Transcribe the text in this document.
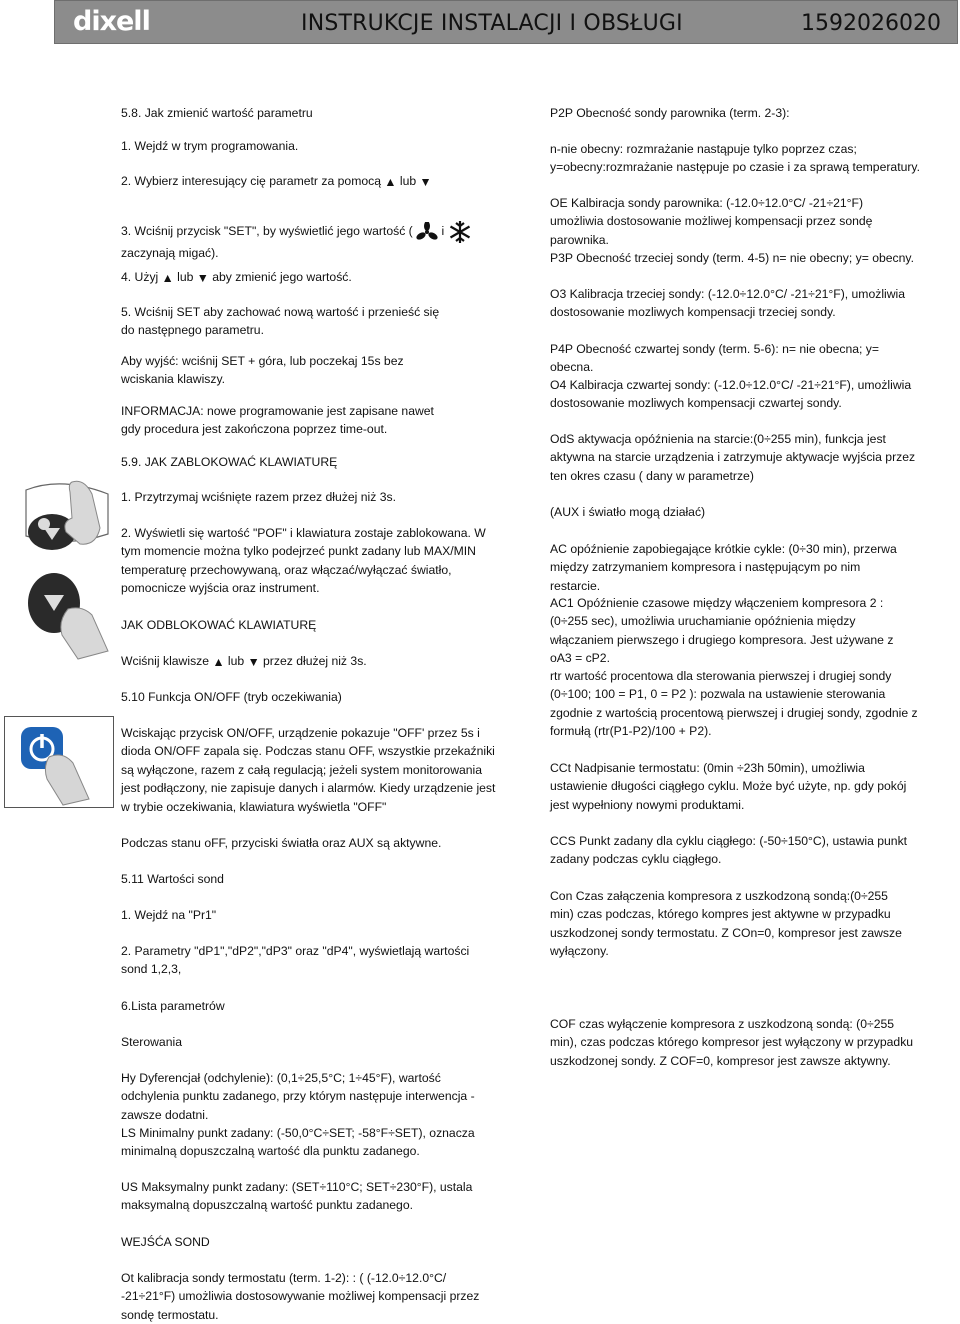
dixell	INSTRUKCJE INSTALACJI I OBSŁUGI	1592026020

5.8. Jak zmienić wartość parametru

1. Wejdź w trym programowania.

2. Wybierz interesujący cię parametr za pomocą ▲ lub ▼

3. Wciśnij przycisk "SET", by wyświetlić jego wartość ( i
zaczynają migać).

4. Użyj ▲ lub ▼ aby zmienić jego wartość.

5. Wciśnij SET aby zachować nową wartość i przenieść się do następnego parametru.

Aby wyjść: wciśnij SET + góra, lub poczekaj 15s bez wciskania klawiszy.

INFORMACJA: nowe programowanie jest zapisane nawet gdy procedura jest zakończona poprzez time-out.

5.9. JAK ZABLOKOWAĆ KLAWIATURĘ

1. Przytrzymaj wciśnięte razem przez dłużej niż 3s.

2. Wyświetli się wartość "POF" i klawiatura zostaje zablokowana. W tym momencie można tylko podejrzeć punkt zadany lub MAX/MIN temperaturę przechowywaną, oraz włączać/wyłączać światło, pomocnicze wyjścia oraz instrument.

JAK ODBLOKOWAĆ KLAWIATURĘ

Wciśnij klawisze ▲ lub ▼ przez dłużej niż 3s.

5.10 Funkcja ON/OFF (tryb oczekiwania)

Wciskając przycisk ON/OFF, urządzenie pokazuje "OFF' przez 5s i dioda ON/OFF zapala się. Podczas stanu OFF, wszystkie przekaźniki są wyłączone, razem z całą regulacją; jeżeli system monitorowania jest podłączony, nie zapisuje danych i alarmów. Kiedy urządzenie jest w trybie oczekiwania, klawiatura wyświetla "OFF"

Podczas stanu oFF, przyciski światła oraz AUX są aktywne.

5.11 Wartości sond

1. Wejdź na "Pr1"

2. Parametry "dP1","dP2","dP3" oraz "dP4", wyświetlają wartości sond 1,2,3,

6.Lista parametrów

Sterowania

Hy Dyferencjał (odchylenie): (0,1÷25,5°C; 1÷45°F), wartość odchylenia punktu zadanego, przy którym następuje interwencja - zawsze dodatni.

LS Minimalny punkt zadany: (-50,0°C÷SET; -58°F÷SET), oznacza minimalną dopuszczalną wartość dla punktu zadanego.

US Maksymalny punkt zadany: (SET÷110°C; SET÷230°F), ustala maksymalną dopuszczalną wartość punktu zadanego.

WEJŚĆA SOND

Ot kalibracja sondy termostatu (term. 1-2): : ( (-12.0÷12.0°C/ -21÷21°F) umożliwia dostosowywanie możliwej kompensacji przez sondę termostatu.

P2P Obecność sondy parownika (term. 2-3):

n-nie obecny: rozmrażanie nastąpuje tylko poprzez czas; y=obecny:rozmrażanie następuje po czasie i za sprawą temperatury.

OE Kalbiracja sondy parownika: (-12.0÷12.0°C/ -21÷21°F) umożliwia dostosowanie możliwej kompensacji przez sondę parownika.

P3P Obecność trzeciej sondy (term. 4-5) n= nie obecny; y= obecny.

O3 Kalibracja trzeciej sondy: (-12.0÷12.0°C/ -21÷21°F), umożliwia dostosowanie mozliwych kompensacji trzeciej sondy.

P4P Obecność czwartej sondy (term. 5-6): n= nie obecna; y= obecna.

O4 Kalbiracja czwartej sondy: (-12.0÷12.0°C/ -21÷21°F), umożliwia dostosowanie mozliwych kompensacji czwartej sondy.

OdS aktywacja opóźnienia na starcie:(0÷255 min), funkcja jest aktywna na starcie urządzenia i zatrzymuje aktywacje wyjścia przez ten okres czasu ( dany w parametrze)

(AUX i światło mogą działać)

AC opóźnienie zapobiegające krótkie cykle: (0÷30 min), przerwa między zatrzymaniem kompresora i następującym po nim restarcie.

AC1 Opóźnienie czasowe między włączeniem kompresora 2 :(0÷255 sec), umożliwia uruchamianie opóźnienia między włączaniem pierwszego i drugiego kompresora. Jest używane z oA3 = cP2.

rtr wartość procentowa dla sterowania pierwszej i drugiej sondy (0÷100; 100 = P1, 0 = P2 ): pozwala na ustawienie sterowania zgodnie z wartością procentową pierwszej i drugiej sondy, zgodnie z formułą (rtr(P1-P2)/100 + P2).

CCt Nadpisanie termostatu: (0min ÷23h 50min), umożliwia ustawienie długości ciągłego cyklu. Może być użyte, np. gdy pokój jest wypełniony nowymi produktami.

CCS Punkt zadany dla cyklu ciągłego: (-50÷150°C), ustawia punkt zadany podczas cyklu ciągłego.

Con Czas załączenia kompresora z uszkodzoną sondą:(0÷255 min) czas podczas, którego kompres jest aktywne w przypadku uszkodzonej sondy termostatu. Z COn=0, kompresor jest zawsze wyłączony.

COF czas wyłączenie kompresora z uszkodzoną sondą: (0÷255 min), czas podczas którego kompresor jest wyłączony w przypadku uszkodzonej sondy. Z COF=0, kompresor jest zawsze aktywny.
